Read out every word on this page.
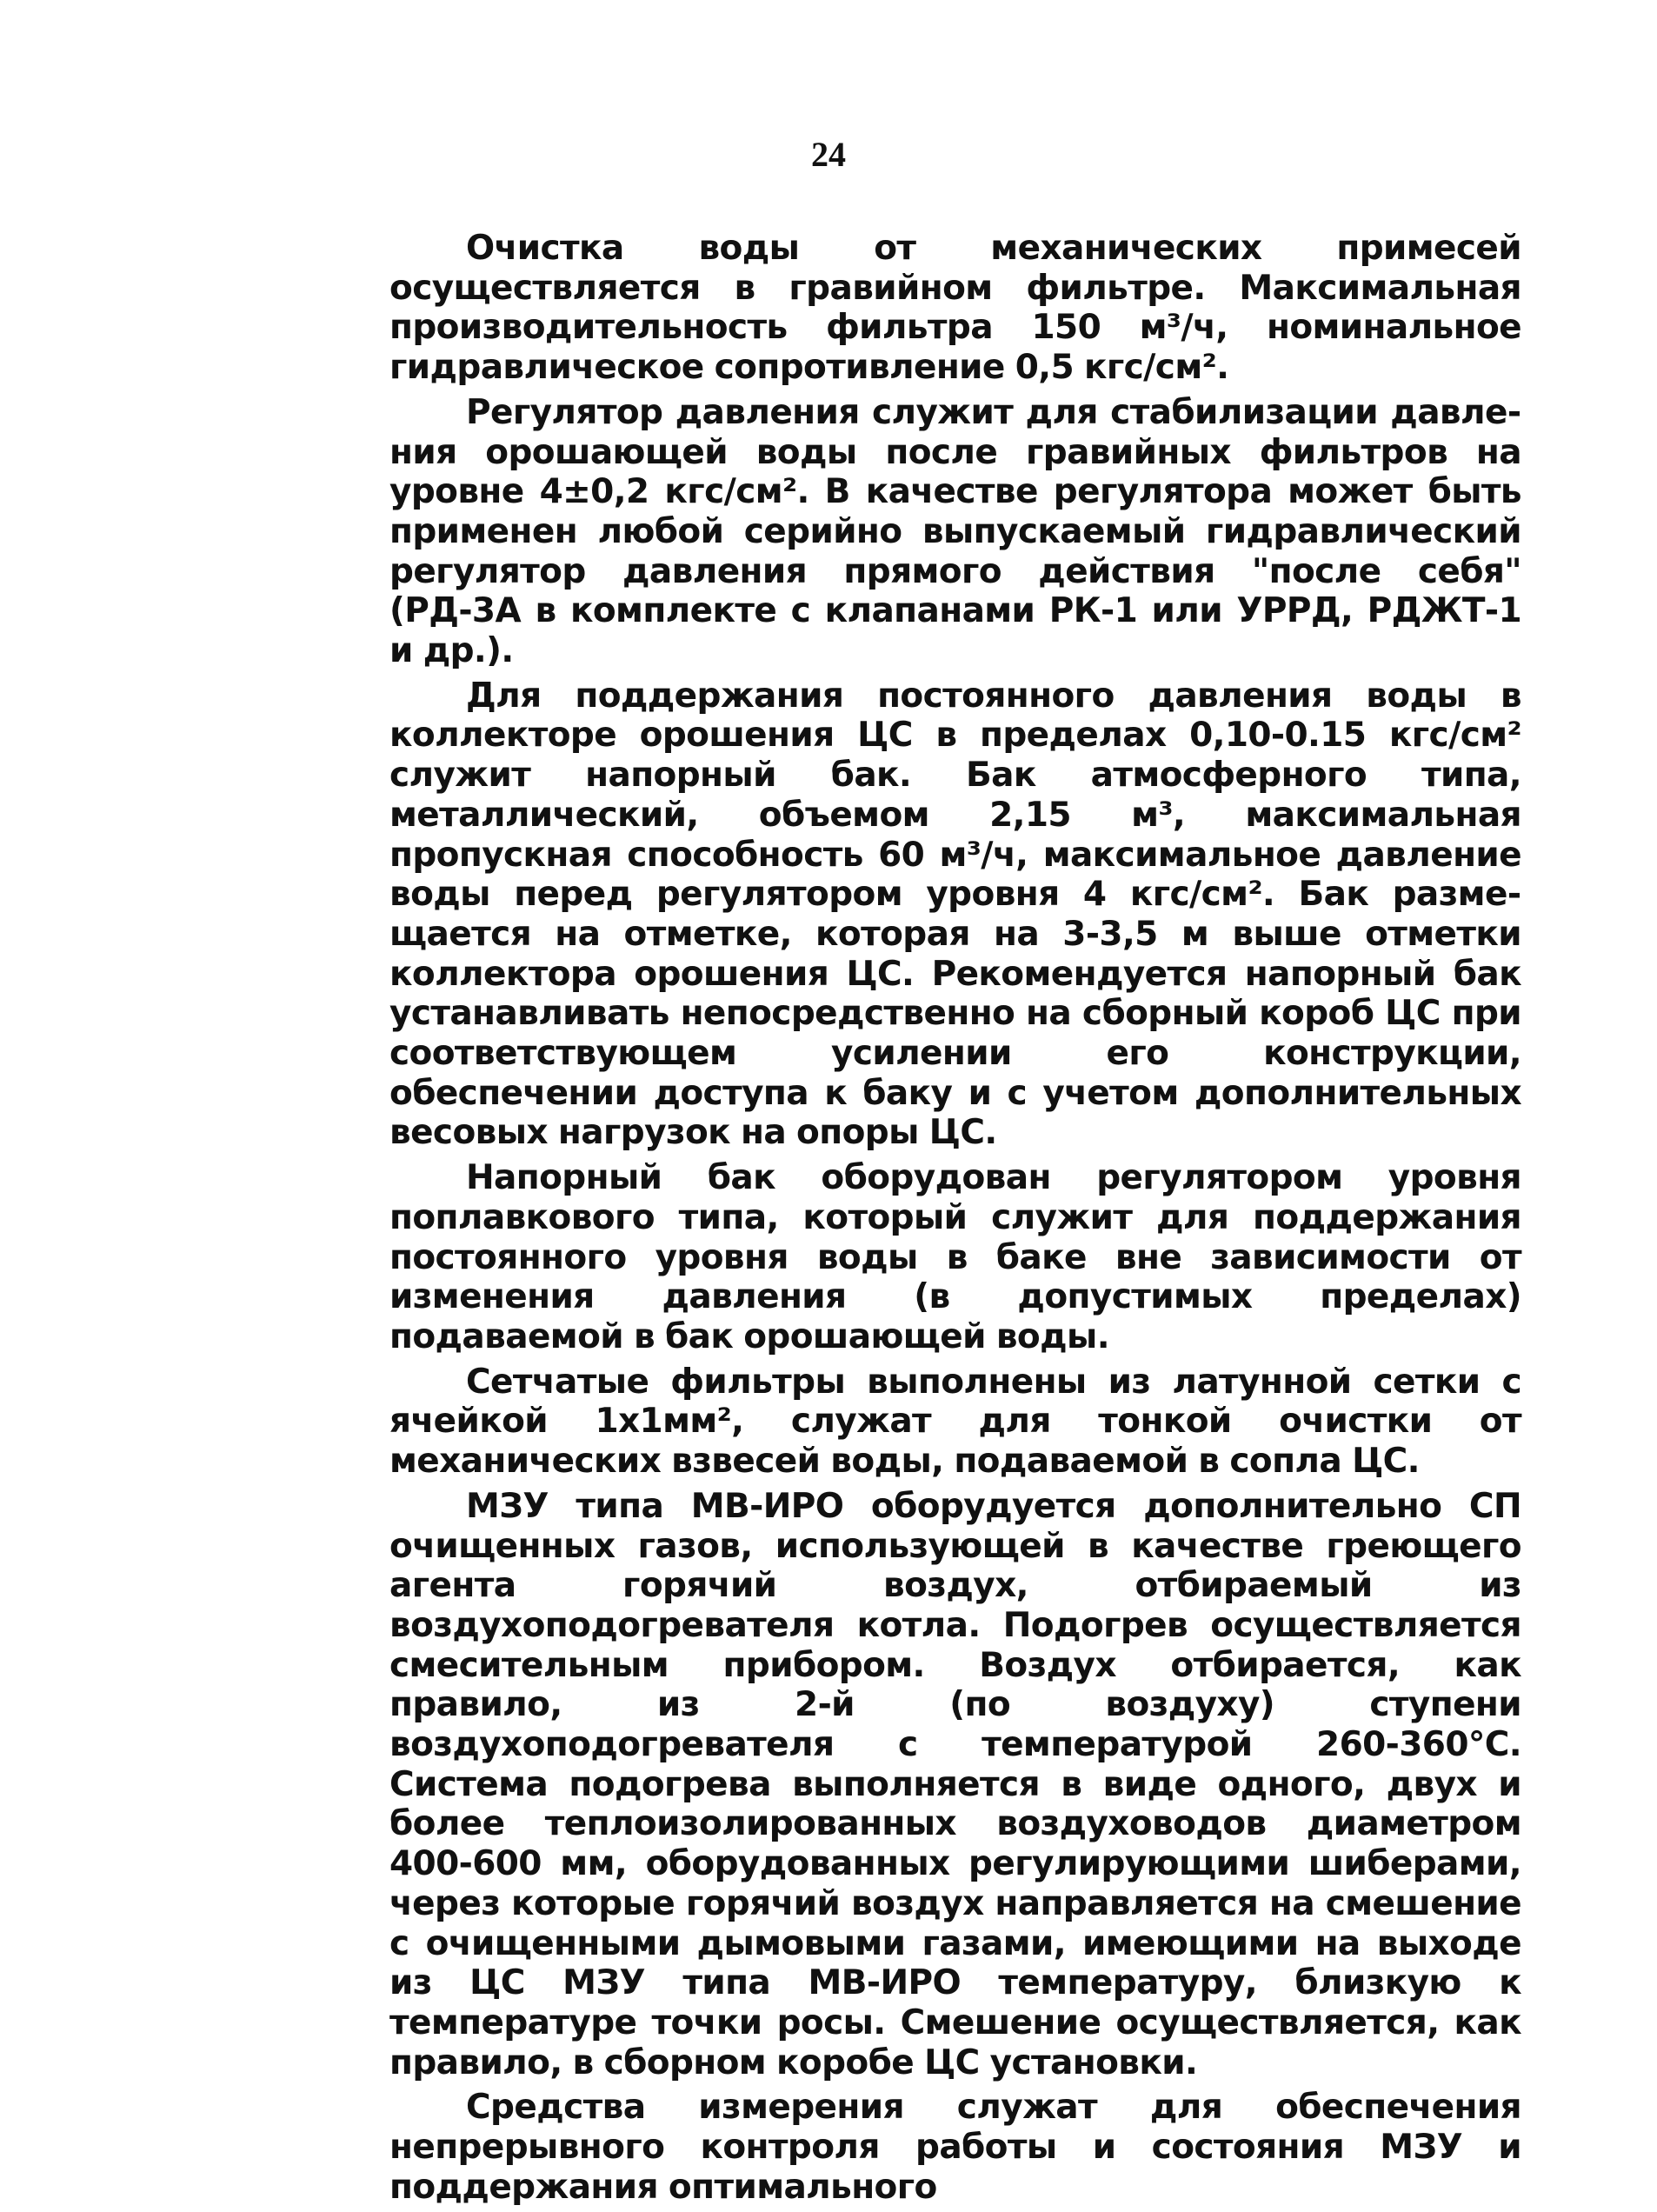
24

Очистка воды от механических примесей осуществляется в гравийном фильтре. Максимальная производительность фильтра 150 м³/ч, номинальное гидравлическое сопротивление 0,5 кгс/см².

Регулятор давления служит для стабилизации давления орошающей воды после гравийных фильтров на уровне 4±0,2 кгс/см². В качестве регулятора может быть применен любой серийно выпускаемый гидравлический регулятор давления прямого действия "после себя" (РД-3А в комплекте с клапанами РК-1 или УРРД, РДЖТ-1 и др.).

Для поддержания постоянного давления воды в коллекторе орошения ЦС в пределах 0,10-0.15 кгс/см² служит напорный бак. Бак атмосферного типа, металлический, объемом 2,15 м³, максимальная пропускная способность 60 м³/ч, максимальное давление воды перед регулятором уровня 4 кгс/см². Бак размещается на отметке, которая на 3-3,5 м выше отметки коллектора орошения ЦС. Рекомендуется напорный бак устанавливать непосредственно на сборный короб ЦС при соответствующем усилении его конструкции, обеспечении доступа к баку и с учетом дополнительных весовых нагрузок на опоры ЦС.

Напорный бак оборудован регулятором уровня поплавкового типа, который служит для поддержания постоянного уровня воды в баке вне зависимости от изменения давления (в допустимых пределах) подаваемой в бак орошающей воды.

Сетчатые фильтры выполнены из латунной сетки с ячейкой 1х1мм², служат для тонкой очистки от механических взвесей воды, подаваемой в сопла ЦС.

МЗУ типа МВ-ИРО оборудуется дополнительно СП очищенных газов, использующей в качестве греющего агента горячий воздух, отбираемый из воздухоподогревателя котла. Подогрев осуществляется смесительным прибором. Воздух отбирается, как правило, из 2-й (по воздуху) ступени воздухоподогревателя с температурой 260-360°С. Система подогрева выполняется в виде одного, двух и более теплоизолированных воздуховодов диаметром 400-600 мм, оборудованных регулирующими шиберами, через которые горячий воздух направляется на смешение с очищенными дымовыми газами, имеющими на выходе из ЦС МЗУ типа МВ-ИРО температуру, близкую к температуре точки росы. Смешение осуществляется, как правило, в сборном коробе ЦС установки.

Средства измерения служат для обеспечения непрерывного контроля работы и состояния МЗУ и поддержания оптимального
